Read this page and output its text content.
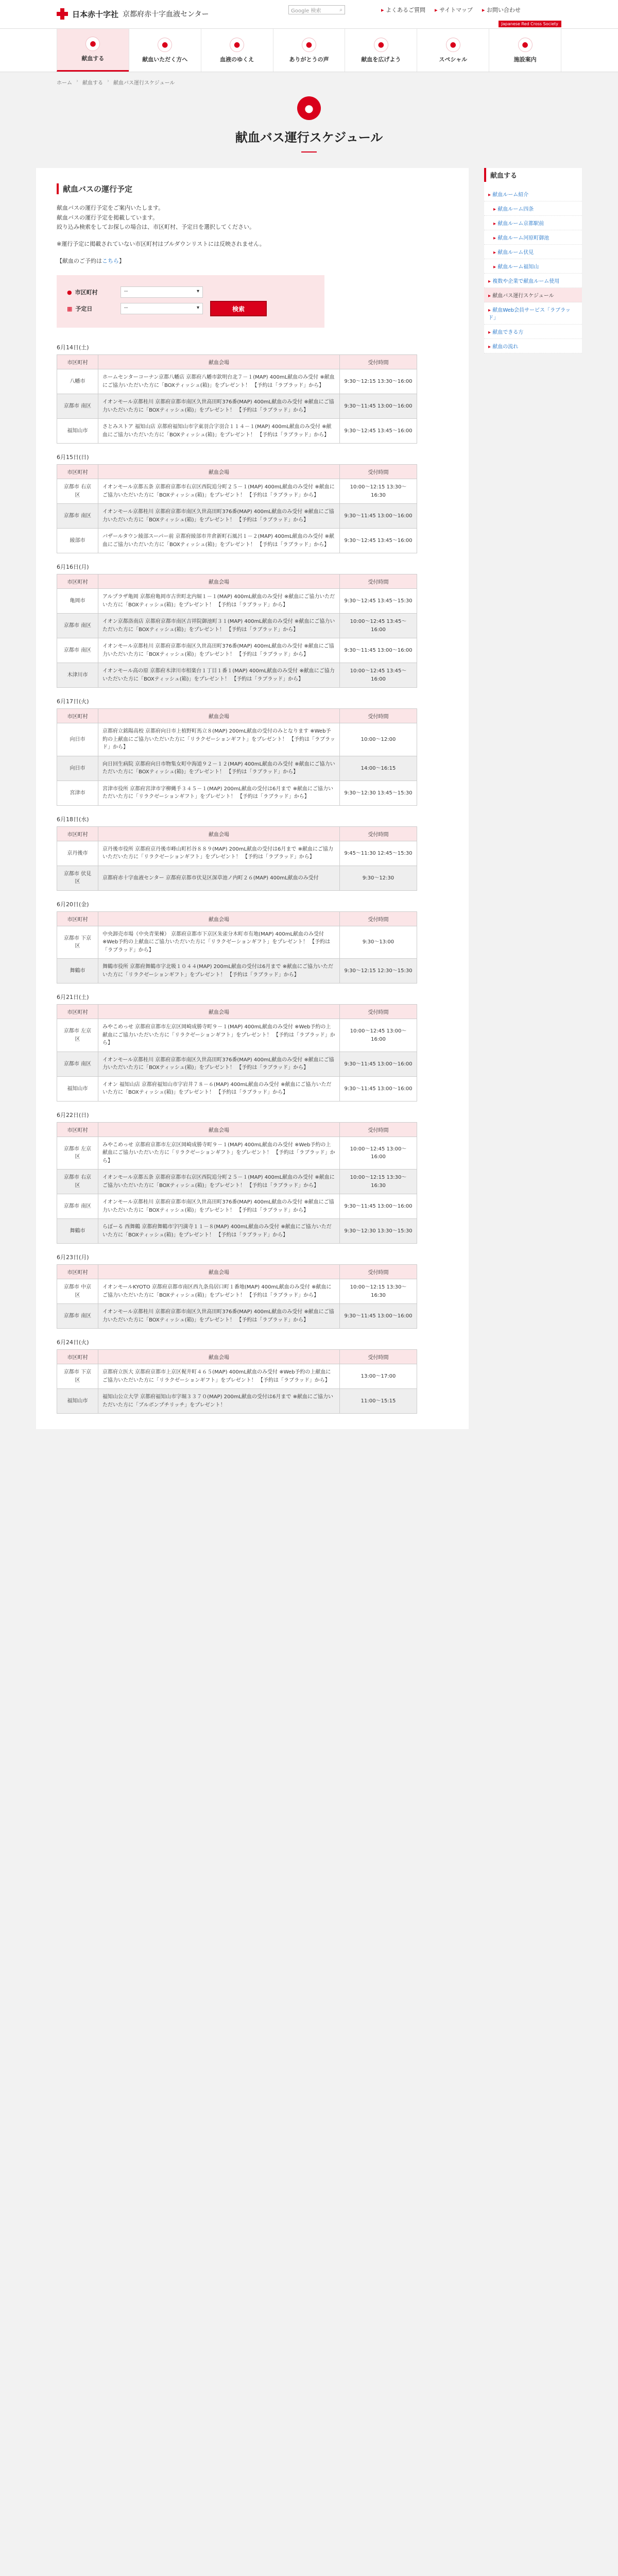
日本赤十字社 京都府赤十字血液センター	Google 検索	⌕	▸ よくあるご質問	▸ サイトマップ	▸ お問い合わせ
Japanese Red Cross Society
●
献血する
●
献血いただく方へ
●
血液のゆくえ
●
ありがとうの声
●
献血を広げよう
●
スペシャル
●
施設案内
ホーム › 献血する › 献血バス運行スケジュール
●
献血バス運行スケジュール
献血バスの運行予定

献血バスの運行予定をご案内いたします。

献血バスの運行予定を掲載しています。

絞り込み検索をしてお探しの場合は、市区町村、予定日を選択してください。

※運行予定に掲載されていない市区町村はプルダウンリストには反映されません。

【献血のご予約はこちら】

● 市区町村	--	▾
▦ 予定日	--	▾	検索
6月14日(土)
市区町村	献血会場	受付時間
八幡市	ホームセンターコーナン京都八幡店 京都府八幡市欽明台北７－１(MAP) 400mL献血のみ受付 ※献血にご協力いただいた方に「BOXティッシュ(箱)」をプレゼント！ 【予約は「ラブラッド」から】	9:30〜12:15 13:30〜16:00
京都市 南区	イオンモール京都桂川 京都府京都市南区久世高田町376番(MAP) 400mL献血のみ受付 ※献血にご協力いただいた方に「BOXティッシュ(箱)」をプレゼント！ 【予約は「ラブラッド」から】	9:30〜11:45 13:00〜16:00
福知山市	さとみストア 福知山店 京都府福知山市字東羽合字羽合１１４－１(MAP) 400mL献血のみ受付 ※献血にご協力いただいた方に「BOXティッシュ(箱)」をプレゼント！ 【予約は「ラブラッド」から】	9:30〜12:45 13:45〜16:00
6月15日(日)
市区町村	献血会場	受付時間
京都市 右京区	イオンモール京都五条 京都府京都市右京区西院追分町２５－１(MAP) 400mL献血のみ受付 ※献血にご協力いただいた方に「BOXティッシュ(箱)」をプレゼント！ 【予約は「ラブラッド」から】	10:00〜12:15 13:30〜16:30
京都市 南区	イオンモール京都桂川 京都府京都市南区久世高田町376番(MAP) 400mL献血のみ受付 ※献血にご協力いただいた方に「BOXティッシュ(箱)」をプレゼント！ 【予約は「ラブラッド」から】	9:30〜11:45 13:00〜16:00
綾部市	バザールタウン綾部スーパー前 京都府綾部市井倉新町石風呂１－２(MAP) 400mL献血のみ受付 ※献血にご協力いただいた方に「BOXティッシュ(箱)」をプレゼント！ 【予約は「ラブラッド」から】	9:30〜12:45 13:45〜16:00
6月16日(月)
市区町村	献血会場	受付時間
亀岡市	アルプラザ亀岡 京都府亀岡市古世町北内堀１－１(MAP) 400mL献血のみ受付 ※献血にご協力いただいた方に「BOXティッシュ(箱)」をプレゼント！ 【予約は「ラブラッド」から】	9:30〜12:45 13:45〜15:30
京都市 南区	イオン京都洛南店 京都府京都市南区吉祥院御池町３１(MAP) 400mL献血のみ受付 ※献血にご協力いただいた方に「BOXティッシュ(箱)」をプレゼント！ 【予約は「ラブラッド」から】	10:00〜12:45 13:45〜16:00
京都市 南区	イオンモール京都桂川 京都府京都市南区久世高田町376番(MAP) 400mL献血のみ受付 ※献血にご協力いただいた方に「BOXティッシュ(箱)」をプレゼント！ 【予約は「ラブラッド」から】	9:30〜11:45 13:00〜16:00
木津川市	イオンモール高の原 京都府木津川市相楽台１丁目１番１(MAP) 400mL献血のみ受付 ※献血にご協力いただいた方に「BOXティッシュ(箱)」をプレゼント！ 【予約は「ラブラッド」から】	10:00〜12:45 13:45〜16:00
6月17日(火)
市区町村	献血会場	受付時間
向日市	京都府立銘陽高校 京都府向日市上植野町馬立８(MAP) 200mL献血の受付のみとなります ※Web予約の上献血にご協力いただいた方に「リラクゼーションギフト」をプレゼント！ 【予約は「ラブラッド」から】	10:00〜12:00
向日市	向日回生病院 京都府向日市物集女町中海道９２－１２(MAP) 400mL献血のみ受付 ※献血にご協力いただいた方に「BOXティッシュ(箱)」をプレゼント！ 【予約は「ラブラッド」から】	14:00〜16:15
宮津市	宮津市役所 京都府宮津市字柳縄手３４５－１(MAP) 200mL献血の受付は6月まで ※献血にご協力いただいた方に「リラクゼーションギフト」をプレゼント！ 【予約は「ラブラッド」から】	9:30〜12:30 13:45〜15:30
6月18日(水)
市区町村	献血会場	受付時間
京丹後市	京丹後市役所 京都府京丹後市峰山町杉谷８８９(MAP) 200mL献血の受付は6月まで ※献血にご協力いただいた方に「リラクゼーションギフト」をプレゼント！ 【予約は「ラブラッド」から】	9:45〜11:30 12:45〜15:30
京都市 伏見区	京都府赤十字血液センター 京都府京都市伏見区深草池ノ内町２６(MAP) 400mL献血のみ受付	9:30〜12:30
6月20日(金)
市区町村	献血会場	受付時間
京都市 下京区	中央卸売市場（中央青果棟） 京都府京都市下京区朱雀分木町市有地(MAP) 400mL献血のみ受付 ※Web予約の上献血にご協力いただいた方に「リラクゼーションギフト」をプレゼント！ 【予約は「ラブラッド」から】	9:30〜13:00
舞鶴市	舞鶴市役所 京都府舞鶴市字北吸１０４４(MAP) 200mL献血の受付は6月まで ※献血にご協力いただいた方に「リラクゼーションギフト」をプレゼント！ 【予約は「ラブラッド」から】	9:30〜12:15 12:30〜15:30
6月21日(土)
市区町村	献血会場	受付時間
京都市 左京区	みやこめっせ 京都府京都市左京区岡崎成勝寺町９－１(MAP) 400mL献血のみ受付 ※Web予約の上献血にご協力いただいた方に「リラクゼーションギフト」をプレゼント！ 【予約は「ラブラッド」から】	10:00〜12:45 13:00〜16:00
京都市 南区	イオンモール京都桂川 京都府京都市南区久世高田町376番(MAP) 400mL献血のみ受付 ※献血にご協力いただいた方に「BOXティッシュ(箱)」をプレゼント！ 【予約は「ラブラッド」から】	9:30〜11:45 13:00〜16:00
福知山市	イオン 福知山店 京都府福知山市字岩井７８－６(MAP) 400mL献血のみ受付 ※献血にご協力いただいた方に「BOXティッシュ(箱)」をプレゼント！ 【予約は「ラブラッド」から】	9:30〜11:45 13:00〜16:00
6月22日(日)
市区町村	献血会場	受付時間
京都市 左京区	みやこめっせ 京都府京都市左京区岡崎成勝寺町９－１(MAP) 400mL献血のみ受付 ※Web予約の上献血にご協力いただいた方に「リラクゼーションギフト」をプレゼント！ 【予約は「ラブラッド」から】	10:00〜12:45 13:00〜16:00
京都市 右京区	イオンモール京都五条 京都府京都市右京区西院追分町２５－１(MAP) 400mL献血のみ受付 ※献血にご協力いただいた方に「BOXティッシュ(箱)」をプレゼント！ 【予約は「ラブラッド」から】	10:00〜12:15 13:30〜16:30
京都市 南区	イオンモール京都桂川 京都府京都市南区久世高田町376番(MAP) 400mL献血のみ受付 ※献血にご協力いただいた方に「BOXティッシュ(箱)」をプレゼント！ 【予約は「ラブラッド」から】	9:30〜11:45 13:00〜16:00
舞鶴市	らぽーる 西舞鶴 京都府舞鶴市字円満寺１１－８(MAP) 400mL献血のみ受付 ※献血にご協力いただいた方に「BOXティッシュ(箱)」をプレゼント！ 【予約は「ラブラッド」から】	9:30〜12:30 13:30〜15:30
6月23日(月)
市区町村	献血会場	受付時間
京都市 中京区	イオンモールKYOTO 京都府京都市南区西九条鳥居口町１番地(MAP) 400mL献血のみ受付 ※献血にご協力いただいた方に「BOXティッシュ(箱)」をプレゼント！ 【予約は「ラブラッド」から】	10:00〜12:15 13:30〜16:30
京都市 南区	イオンモール京都桂川 京都府京都市南区久世高田町376番(MAP) 400mL献血のみ受付 ※献血にご協力いただいた方に「BOXティッシュ(箱)」をプレゼント！ 【予約は「ラブラッド」から】	9:30〜11:45 13:00〜16:00
6月24日(火)
市区町村	献血会場	受付時間
京都市 下京区	京都府立医大 京都府京都市上京区梶井町４６５(MAP) 400mL献血のみ受付 ※Web予約の上献血にご協力いただいた方に「リラクゼーションギフト」をプレゼント！ 【予約は「ラブラッド」から】	13:00〜17:00
福知山市	福知山公立大学 京都府福知山市字堀３３７０(MAP) 200mL献血の受付は6月まで ※献血にご協力いただいた方に「ブルボンプチリッチ」をプレゼント！	11:00〜15:15
献血する
▸ 献血ルーム紹介
▸ 献血ルーム四条
▸ 献血ルーム京都駅前
▸ 献血ルーム河原町御池
▸ 献血ルーム伏見
▸ 献血ルーム福知山
▸ 複数や企業で献血ルーム使用
▸ 献血バス運行スケジュール
▸ 献血Web会員サービス「ラブラッド」
▸ 献血できる方
▸ 献血の流れ
